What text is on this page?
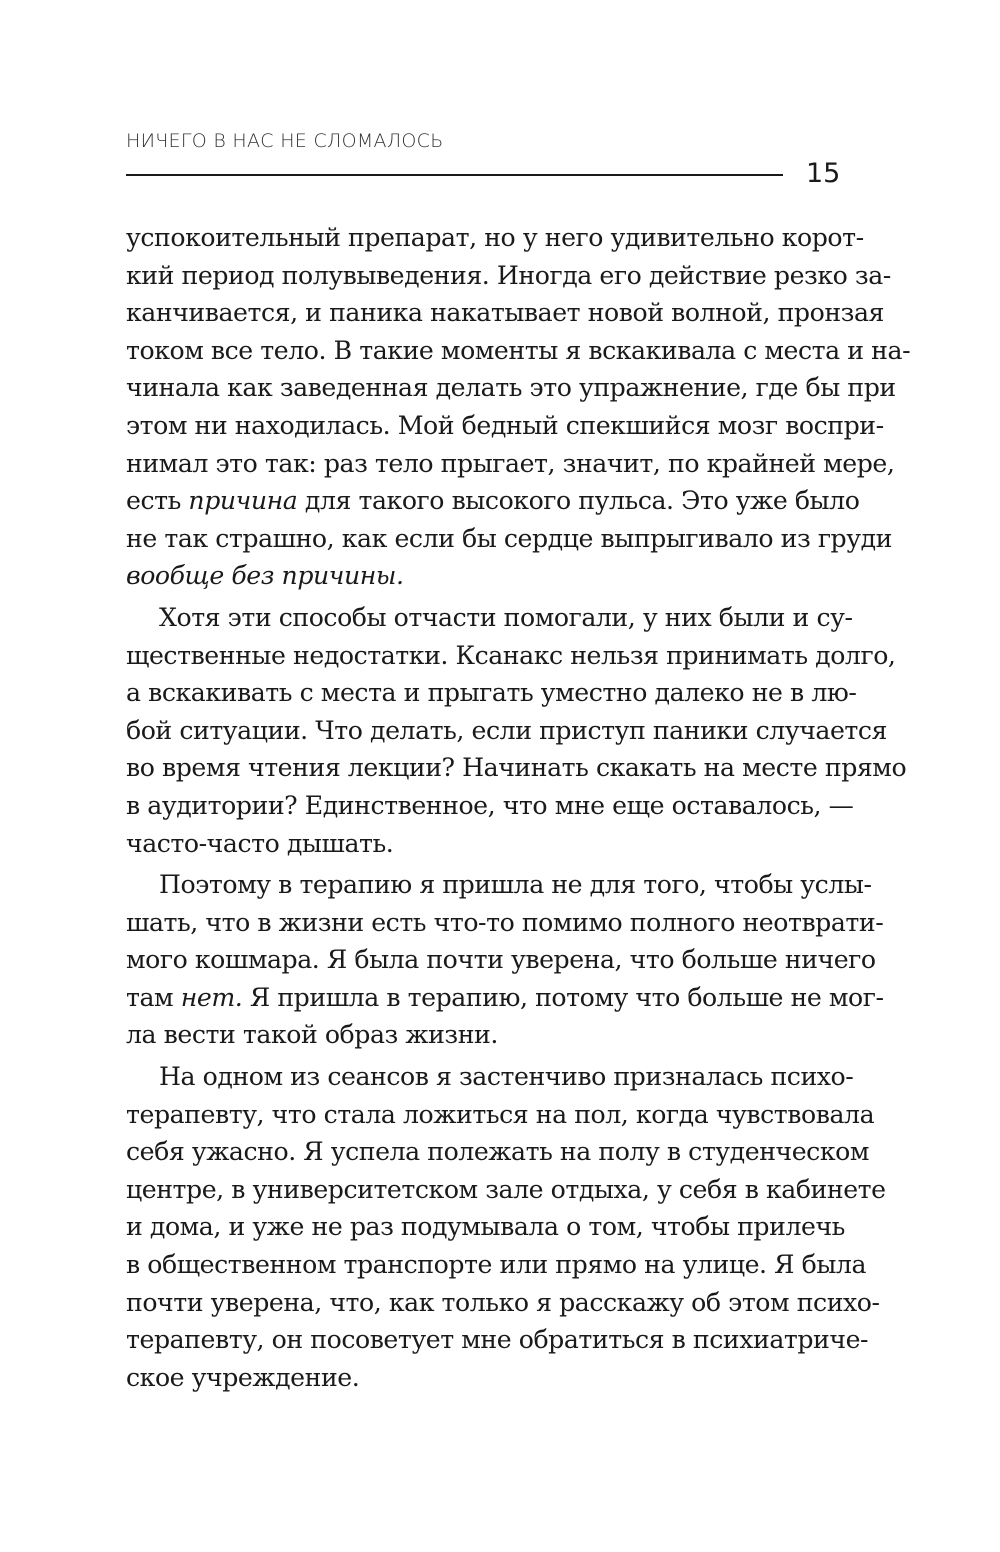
НИЧЕГО В НАС НЕ СЛОМАЛОСЬ
15
успокоительный препарат, но у него удивительно корот-
кий период полувыведения. Иногда его действие резко за-
канчивается, и паника накатывает новой волной, пронзая
током все тело. В такие моменты я вскакивала с места и на-
чинала как заведенная делать это упражнение, где бы при
этом ни находилась. Мой бедный спекшийся мозг воспри-
нимал это так: раз тело прыгает, значит, по крайней мере,
есть причина для такого высокого пульса. Это уже было
не так страшно, как если бы сердце выпрыгивало из груди
вообще без причины.
Хотя эти способы отчасти помогали, у них были и су-
щественные недостатки. Ксанакс нельзя принимать долго,
а вскакивать с места и прыгать уместно далеко не в лю-
бой ситуации. Что делать, если приступ паники случается
во время чтения лекции? Начинать скакать на месте прямо
в аудитории? Единственное, что мне еще оставалось, —
часто-часто дышать.
Поэтому в терапию я пришла не для того, чтобы услы-
шать, что в жизни есть что-то помимо полного неотврати-
мого кошмара. Я была почти уверена, что больше ничего
там нет. Я пришла в терапию, потому что больше не мог-
ла вести такой образ жизни.
На одном из сеансов я застенчиво призналась психо-
терапевту, что стала ложиться на пол, когда чувствовала
себя ужасно. Я успела полежать на полу в студенческом
центре, в университетском зале отдыха, у себя в кабинете
и дома, и уже не раз подумывала о том, чтобы прилечь
в общественном транспорте или прямо на улице. Я была
почти уверена, что, как только я расскажу об этом психо-
терапевту, он посоветует мне обратиться в психиатриче-
ское учреждение.
